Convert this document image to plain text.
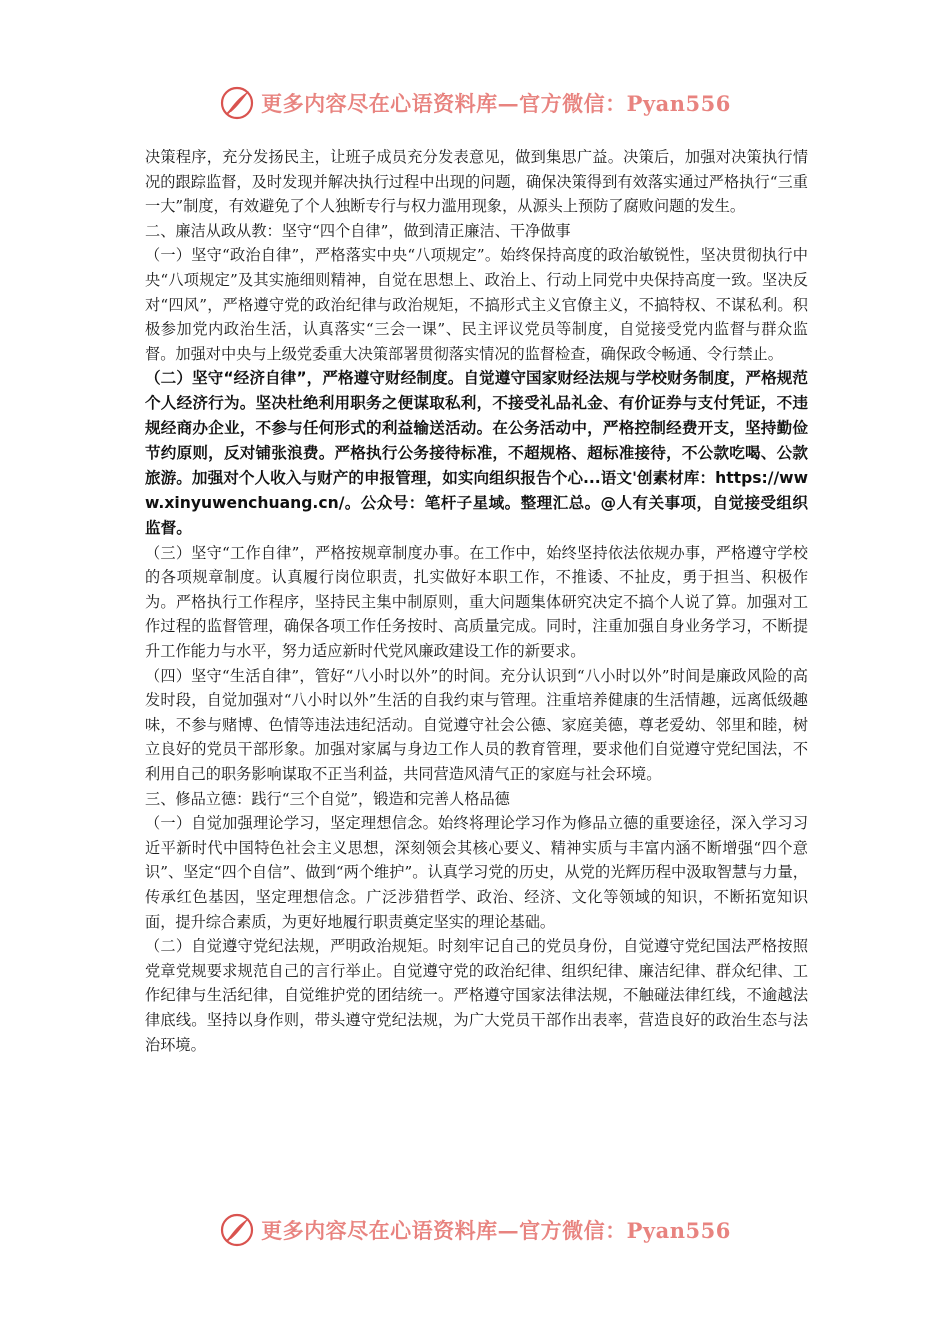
更多内容尽在心语资料库—官方微信：Pyan556

决策程序，充分发扬民主，让班子成员充分发表意见，做到集思广益。决策后，加强对决策执行情况的跟踪监督，及时发现并解决执行过程中出现的问题，确保决策得到有效落实通过严格执行“三重一大”制度，有效避免了个人独断专行与权力滥用现象，从源头上预防了腐败问题的发生。

二、廉洁从政从教：坚守“四个自律”，做到清正廉洁、干净做事

（一）坚守“政治自律”，严格落实中央“八项规定”。始终保持高度的政治敏锐性，坚决贯彻执行中央“八项规定”及其实施细则精神，自觉在思想上、政治上、行动上同党中央保持高度一致。坚决反对“四风”，严格遵守党的政治纪律与政治规矩，不搞形式主义官僚主义，不搞特权、不谋私利。积极参加党内政治生活，认真落实“三会一课”、民主评议党员等制度，自觉接受党内监督与群众监督。加强对中央与上级党委重大决策部署贯彻落实情况的监督检查，确保政令畅通、令行禁止。

（二）坚守“经济自律”，严格遵守财经制度。自觉遵守国家财经法规与学校财务制度，严格规范个人经济行为。坚决杜绝利用职务之便谋取私利，不接受礼品礼金、有价证券与支付凭证，不违规经商办企业，不参与任何形式的利益输送活动。在公务活动中，严格控制经费开支，坚持勤俭节约原则，反对铺张浪费。严格执行公务接待标准，不超规格、超标准接待，不公款吃喝、公款旅游。加强对个人收入与财产的申报管理，如实向组织报告个心...语文'创素材库：https://www.xinyuwenchuang.cn/。公众号：笔杆子星域。整理汇总。@人有关事项，自觉接受组织监督。

（三）坚守“工作自律”，严格按规章制度办事。在工作中，始终坚持依法依规办事，严格遵守学校的各项规章制度。认真履行岗位职责，扎实做好本职工作，不推诿、不扯皮，勇于担当、积极作为。严格执行工作程序，坚持民主集中制原则，重大问题集体研究决定不搞个人说了算。加强对工作过程的监督管理，确保各项工作任务按时、高质量完成。同时，注重加强自身业务学习，不断提升工作能力与水平，努力适应新时代党风廉政建设工作的新要求。

（四）坚守“生活自律”，管好“八小时以外”的时间。充分认识到“八小时以外”时间是廉政风险的高发时段，自觉加强对“八小时以外”生活的自我约束与管理。注重培养健康的生活情趣，远离低级趣味，不参与赌博、色情等违法违纪活动。自觉遵守社会公德、家庭美德，尊老爱幼、邻里和睦，树立良好的党员干部形象。加强对家属与身边工作人员的教育管理，要求他们自觉遵守党纪国法，不利用自己的职务影响谋取不正当利益，共同营造风清气正的家庭与社会环境。

三、修品立德：践行“三个自觉”，锻造和完善人格品德

（一）自觉加强理论学习，坚定理想信念。始终将理论学习作为修品立德的重要途径，深入学习习近平新时代中国特色社会主义思想，深刻领会其核心要义、精神实质与丰富内涵不断增强“四个意识”、坚定“四个自信”、做到“两个维护”。认真学习党的历史，从党的光辉历程中汲取智慧与力量，传承红色基因，坚定理想信念。广泛涉猎哲学、政治、经济、文化等领域的知识，不断拓宽知识面，提升综合素质，为更好地履行职责奠定坚实的理论基础。

（二）自觉遵守党纪法规，严明政治规矩。时刻牢记自己的党员身份，自觉遵守党纪国法严格按照党章党规要求规范自己的言行举止。自觉遵守党的政治纪律、组织纪律、廉洁纪律、群众纪律、工作纪律与生活纪律，自觉维护党的团结统一。严格遵守国家法律法规，不触碰法律红线，不逾越法律底线。坚持以身作则，带头遵守党纪法规，为广大党员干部作出表率，营造良好的政治生态与法治环境。

更多内容尽在心语资料库—官方微信：Pyan556
